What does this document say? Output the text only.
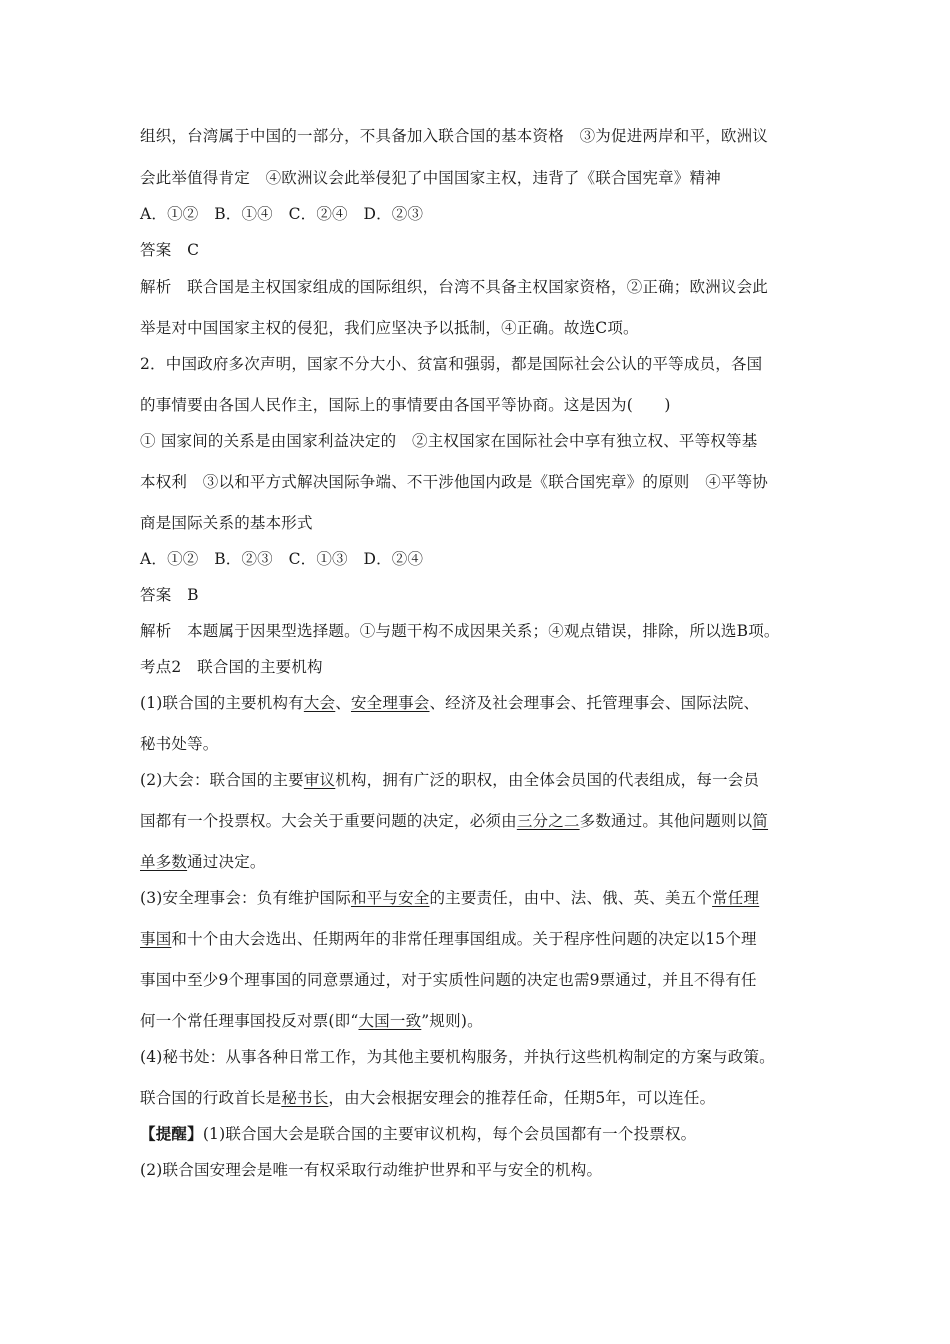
组织，台湾属于中国的一部分，不具备加入联合国的基本资格　③为促进两岸和平，欧洲议
会此举值得肯定　④欧洲议会此举侵犯了中国国家主权，违背了《联合国宪章》精神
A．①②　B．①④　C．②④　D．②③
答案　C
解析　联合国是主权国家组成的国际组织，台湾不具备主权国家资格，②正确；欧洲议会此
举是对中国国家主权的侵犯，我们应坚决予以抵制，④正确。故选C项。
2．中国政府多次声明，国家不分大小、贫富和强弱，都是国际社会公认的平等成员，各国
的事情要由各国人民作主，国际上的事情要由各国平等协商。这是因为(　　)
① 国家间的关系是由国家利益决定的　②主权国家在国际社会中享有独立权、平等权等基
本权利　③以和平方式解决国际争端、不干涉他国内政是《联合国宪章》的原则　④平等协
商是国际关系的基本形式
A．①②　B．②③　C．①③　D．②④
答案　B
解析　本题属于因果型选择题。①与题干构不成因果关系；④观点错误，排除，所以选B项。
考点2　联合国的主要机构
(1)联合国的主要机构有大会、安全理事会、经济及社会理事会、托管理事会、国际法院、
秘书处等。
(2)大会：联合国的主要审议机构，拥有广泛的职权，由全体会员国的代表组成，每一会员
国都有一个投票权。大会关于重要问题的决定，必须由三分之二多数通过。其他问题则以简
单多数通过决定。
(3)安全理事会：负有维护国际和平与安全的主要责任，由中、法、俄、英、美五个常任理
事国和十个由大会选出、任期两年的非常任理事国组成。关于程序性问题的决定以15个理
事国中至少9个理事国的同意票通过，对于实质性问题的决定也需9票通过，并且不得有任
何一个常任理事国投反对票(即“大国一致”规则)。
(4)秘书处：从事各种日常工作，为其他主要机构服务，并执行这些机构制定的方案与政策。
联合国的行政首长是秘书长，由大会根据安理会的推荐任命，任期5年，可以连任。
【提醒】(1)联合国大会是联合国的主要审议机构，每个会员国都有一个投票权。
(2)联合国安理会是唯一有权采取行动维护世界和平与安全的机构。
